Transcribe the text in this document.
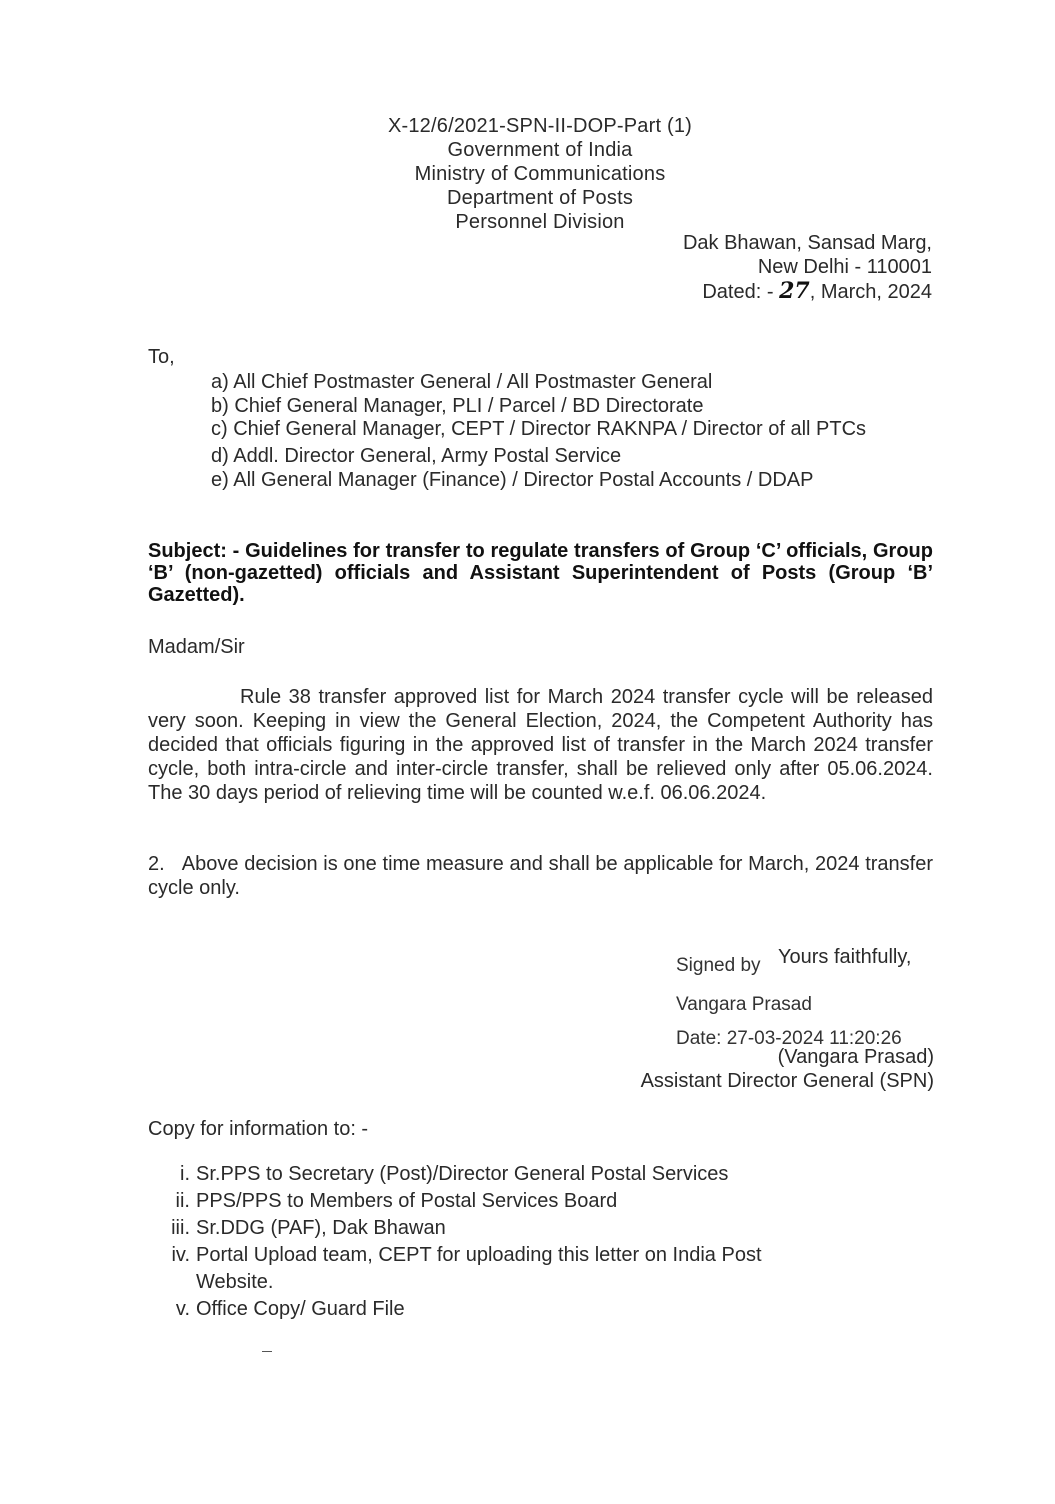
X-12/6/2021-SPN-II-DOP-Part (1)
Government of India
Ministry of Communications
Department of Posts
Personnel Division
Dak Bhawan, Sansad Marg,
New Delhi - 110001
Dated: - 27, March, 2024
To,
a) All Chief Postmaster General / All Postmaster General
b) Chief General Manager, PLI / Parcel / BD Directorate
c) Chief General Manager, CEPT / Director RAKNPA / Director of all PTCs
d) Addl. Director General, Army Postal Service
e) All General Manager (Finance) / Director Postal Accounts / DDAP
Subject: - Guidelines for transfer to regulate transfers of Group ‘C’ officials, Group ‘B’ (non-gazetted) officials and Assistant Superintendent of Posts (Group ‘B’ Gazetted).
Madam/Sir
Rule 38 transfer approved list for March 2024 transfer cycle will be released very soon. Keeping in view the General Election, 2024, the Competent Authority has decided that officials figuring in the approved list of transfer in the March 2024 transfer cycle, both intra-circle and inter-circle transfer, shall be relieved only after 05.06.2024. The 30 days period of relieving time will be counted w.e.f. 06.06.2024.
2. Above decision is one time measure and shall be applicable for March, 2024 transfer cycle only.
Signed by Yours faithfully,
Vangara Prasad
Date: 27-03-2024 11:20:26
(Vangara Prasad)
Assistant Director General (SPN)
Copy for information to: -
i. Sr.PPS to Secretary (Post)/Director General Postal Services
ii. PPS/PPS to Members of Postal Services Board
iii. Sr.DDG (PAF), Dak Bhawan
iv. Portal Upload team, CEPT for uploading this letter on India Post
Website.
v. Office Copy/ Guard File
